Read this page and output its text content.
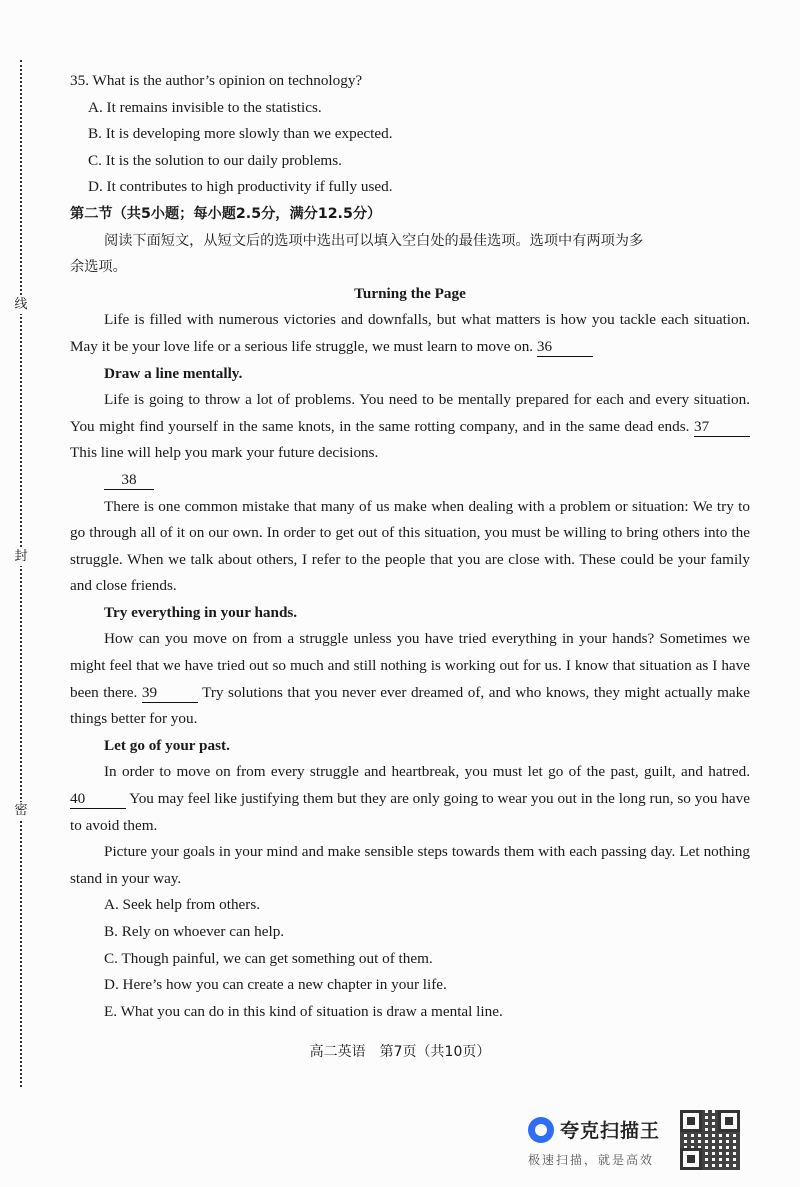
线
封
密
35. What is the author’s opinion on technology?
A. It remains invisible to the statistics.
B. It is developing more slowly than we expected.
C. It is the solution to our daily problems.
D. It contributes to high productivity if fully used.
第二节（共5小题；每小题2.5分，满分12.5分）
阅读下面短文，从短文后的选项中选出可以填入空白处的最佳选项。选项中有两项为多
余选项。
Turning the Page
Life is filled with numerous victories and downfalls, but what matters is how you tackle each situation. May it be your love life or a serious life struggle, we must learn to move on. 36
Draw a line mentally.
Life is going to throw a lot of problems. You need to be mentally prepared for each and every situation. You might find yourself in the same knots, in the same rotting company, and in the same dead ends. 37 This line will help you mark your future decisions.
38
There is one common mistake that many of us make when dealing with a problem or situation: We try to go through all of it on our own. In order to get out of this situation, you must be willing to bring others into the struggle. When we talk about others, I refer to the people that you are close with. These could be your family and close friends.
Try everything in your hands.
How can you move on from a struggle unless you have tried everything in your hands? Sometimes we might feel that we have tried out so much and still nothing is working out for us. I know that situation as I have been there. 39	Try solutions that you never ever dreamed of, and who knows, they might actually make things better for you.
Let go of your past.
In order to move on from every struggle and heartbreak, you must let go of the past, guilt, and hatred. 40	You may feel like justifying them but they are only going to wear you out in the long run, so you have to avoid them.
Picture your goals in your mind and make sensible steps towards them with each passing day. Let nothing stand in your way.
A. Seek help from others.
B. Rely on whoever can help.
C. Though painful, we can get something out of them.
D. Here’s how you can create a new chapter in your life.
E. What you can do in this kind of situation is draw a mental line.
高二英语　第7页（共10页）
夸克扫描王
极速扫描，就是高效
